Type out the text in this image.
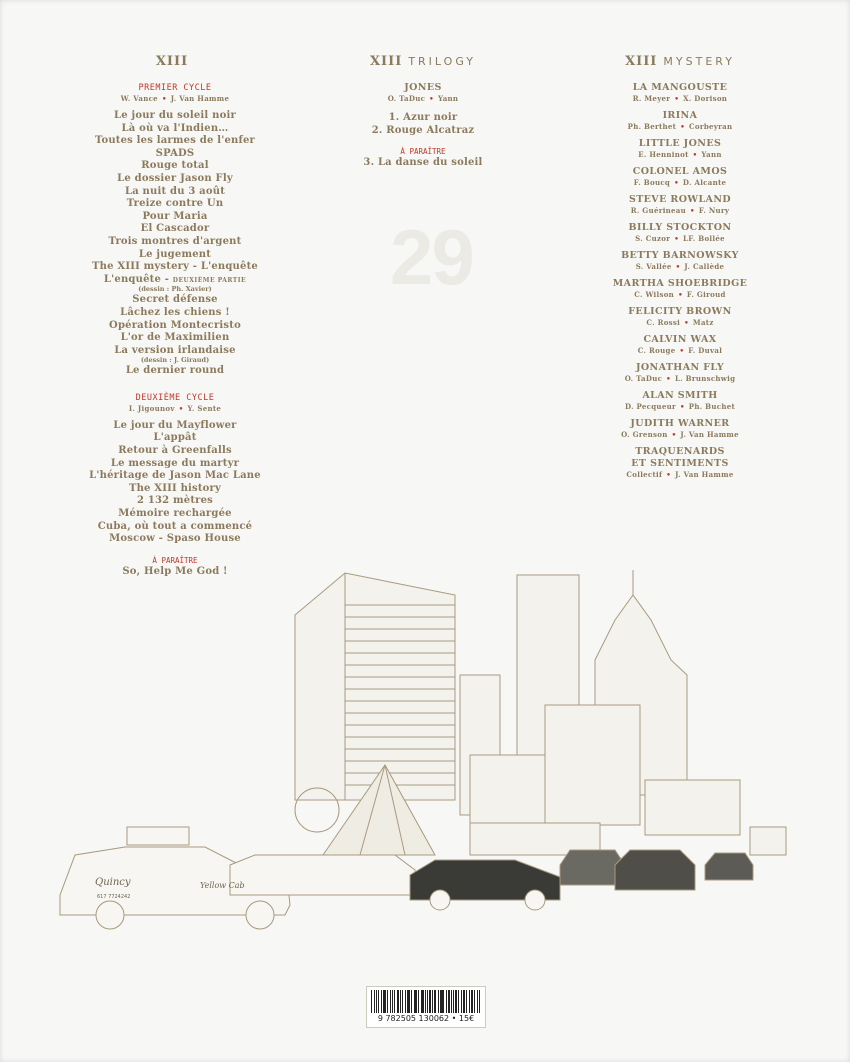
29
XIII
PREMIER CYCLE
W. Vance • J. Van Hamme
Le jour du soleil noir
Là où va l'Indien…
Toutes les larmes de l'enfer
SPADS
Rouge total
Le dossier Jason Fly
La nuit du 3 août
Treize contre Un
Pour Maria
El Cascador
Trois montres d'argent
Le jugement
The XIII mystery - L'enquête
L'enquête - DEUXIÈME PARTIE
(dessin : Ph. Xavier)
Secret défense
Lâchez les chiens !
Opération Montecristo
L'or de Maximilien
La version irlandaise
(dessin : J. Giraud)
Le dernier round
DEUXIÈME CYCLE
I. Jigounov • Y. Sente
Le jour du Mayflower
L'appât
Retour à Greenfalls
Le message du martyr
L'héritage de Jason Mac Lane
The XIII history
2 132 mètres
Mémoire rechargée
Cuba, où tout a commencé
Moscow - Spaso House
À PARAÎTRE
So, Help Me God !
XIII TRILOGY
JONES
O. TaDuc • Yann
1. Azur noir
2. Rouge Alcatraz
À PARAÎTRE
3. La danse du soleil
XIII MYSTERY
LA MANGOUSTE
R. Meyer • X. Dorison
IRINA
Ph. Berthet • Corbeyran
LITTLE JONES
E. Henninot • Yann
COLONEL AMOS
F. Boucq • D. Alcante
STEVE ROWLAND
R. Guérineau • F. Nury
BILLY STOCKTON
S. Cuzor • LF. Bollée
BETTY BARNOWSKY
S. Vallée • J. Callède
MARTHA SHOEBRIDGE
C. Wilson • F. Giroud
FELICITY BROWN
C. Rossi • Matz
CALVIN WAX
C. Rouge • F. Duval
JONATHAN FLY
O. TaDuc • L. Brunschwig
ALAN SMITH
D. Pecqueur • Ph. Buchet
JUDITH WARNER
O. Grenson • J. Van Hamme
TRAQUENARDS
ET SENTIMENTS
Collectif • J. Van Hamme
Quincy
617 7724242
Yellow Cab
9 782505 130062 • 15€
